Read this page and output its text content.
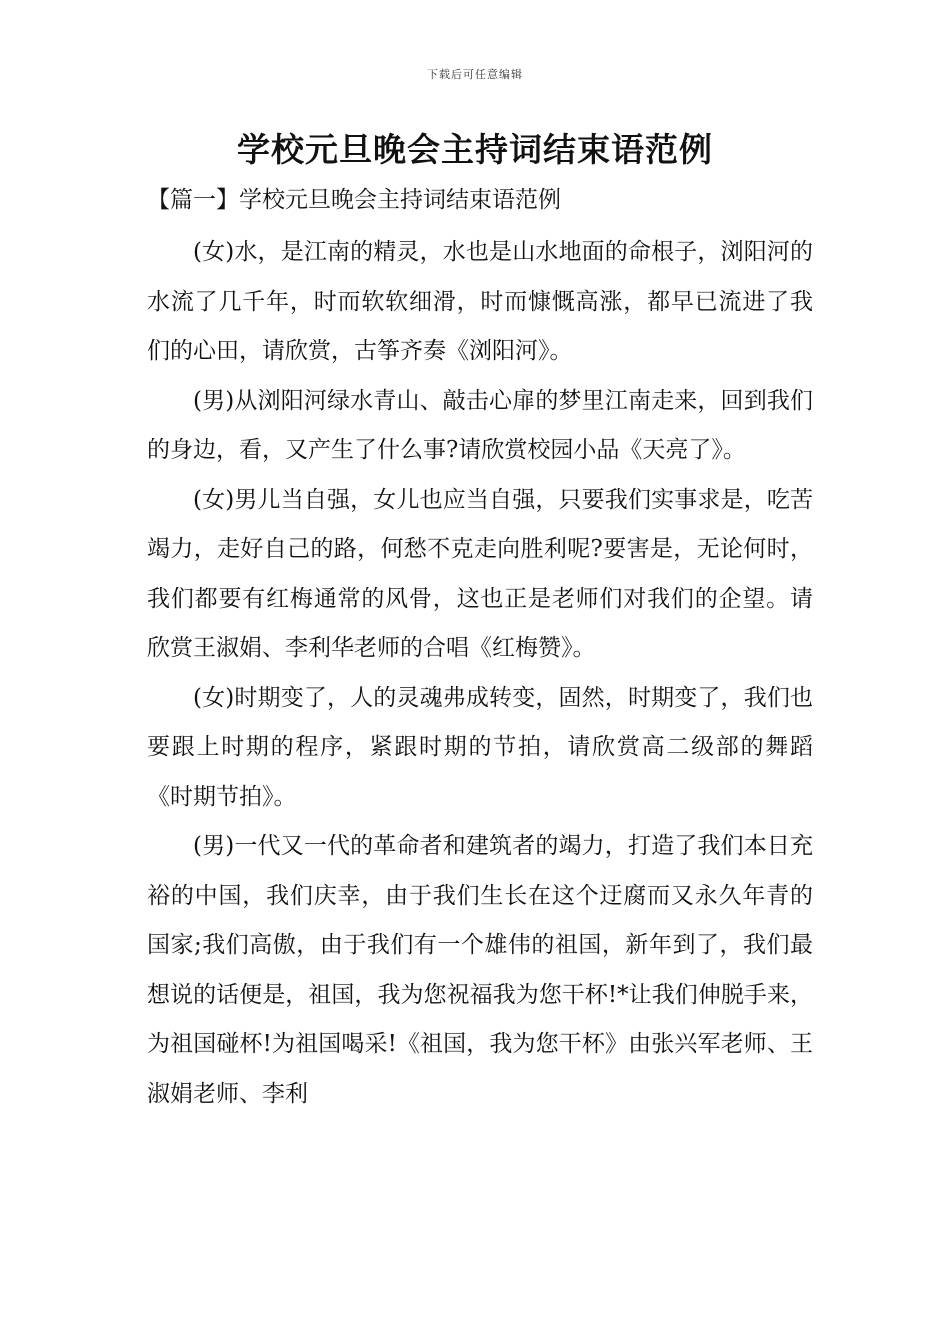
下载后可任意编辑
学校元旦晚会主持词结束语范例
【篇一】学校元旦晚会主持词结束语范例

(女)水，是江南的精灵，水也是山水地面的命根子，浏阳河的水流了几千年，时而软软细滑，时而慷慨高涨，都早已流进了我们的心田，请欣赏，古筝齐奏《浏阳河》。

(男)从浏阳河绿水青山、敲击心扉的梦里江南走来，回到我们的身边，看，又产生了什么事?请欣赏校园小品《天亮了》。

(女)男儿当自强，女儿也应当自强，只要我们实事求是，吃苦竭力，走好自己的路，何愁不克走向胜利呢?要害是，无论何时，我们都要有红梅通常的风骨，这也正是老师们对我们的企望。请欣赏王淑娟、李利华老师的合唱《红梅赞》。

(女)时期变了，人的灵魂弗成转变，固然，时期变了，我们也要跟上时期的程序，紧跟时期的节拍，请欣赏高二级部的舞蹈《时期节拍》。

(男)一代又一代的革命者和建筑者的竭力，打造了我们本日充裕的中国，我们庆幸，由于我们生长在这个迂腐而又永久年青的国家;我们高傲，由于我们有一个雄伟的祖国，新年到了，我们最想说的话便是，祖国，我为您祝福我为您干杯!*让我们伸脱手来，为祖国碰杯!为祖国喝采!《祖国，我为您干杯》由张兴军老师、王淑娟老师、李利
